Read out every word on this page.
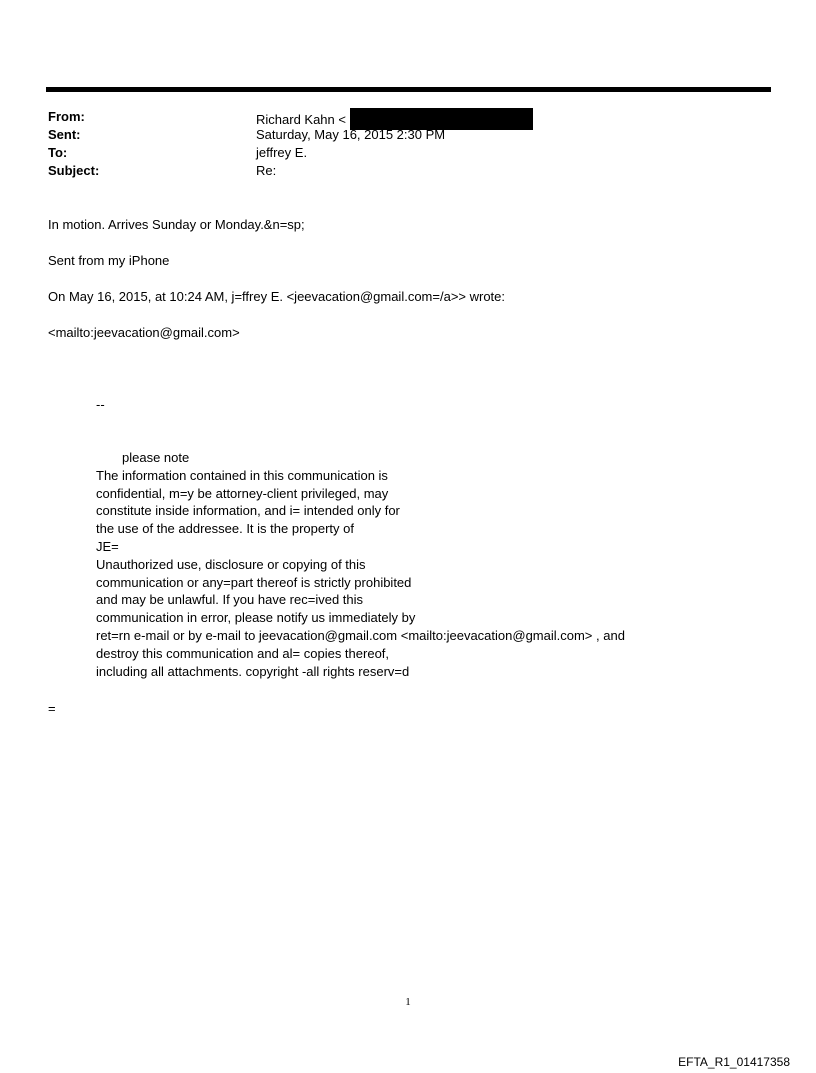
From:	Richard Kahn <
Sent:	Saturday, May 16, 2015 2:30 PM
To:	jeffrey E.
Subject:	Re:
In motion. Arrives Sunday or Monday.&n=sp;
Sent from my iPhone
On May 16, 2015, at 10:24 AM, j=ffrey E. <jeevacation@gmail.com=/a>> wrote:
<mailto:jeevacation@gmail.com>
--
please note
The information contained in this communication is
confidential, m=y be attorney-client privileged, may
constitute inside information, and i= intended only for
the use of the addressee. It is the property of
JE=
Unauthorized use, disclosure or copying of this
communication or any=part thereof is strictly prohibited
and may be unlawful. If you have rec=ived this
communication in error, please notify us immediately by
ret=rn e-mail or by e-mail to jeevacation@gmail.com <mailto:jeevacation@gmail.com> , and
destroy this communication and al= copies thereof,
including all attachments. copyright -all rights reserv=d
=
1
EFTA_R1_01417358
